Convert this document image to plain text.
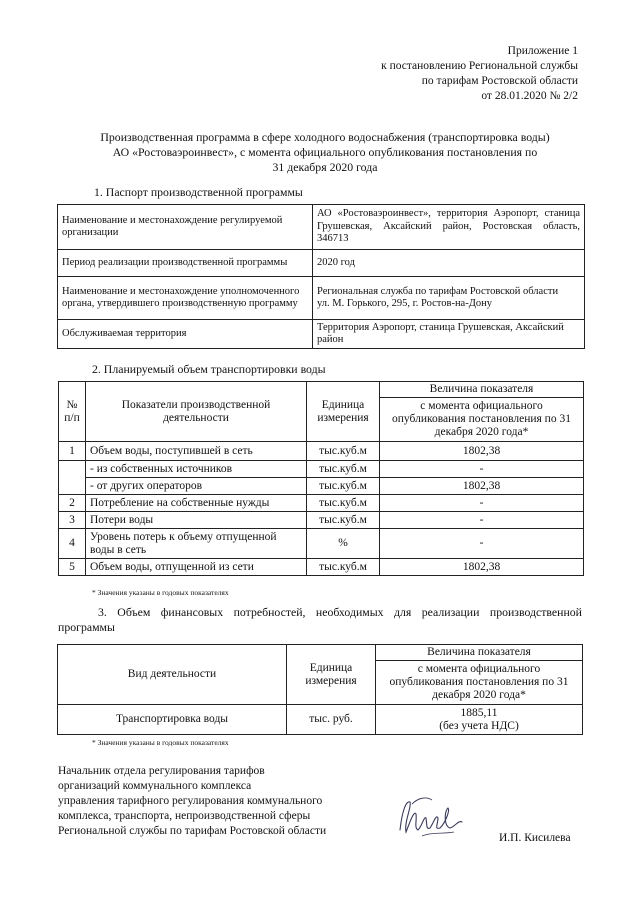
Приложение 1
к постановлению Региональной службы
по тарифам Ростовской области
от 28.01.2020 № 2/2
Производственная программа в сфере холодного водоснабжения (транспортировка воды)
АО «Ростоваэроинвест», с момента официального опубликования постановления по
31 декабря 2020 года
1. Паспорт производственной программы
Наименование и местонахождение регулируемой организации	АО «Ростоваэроинвест», территория Аэропорт, станица Грушевская, Аксайский район, Ростовская область, 346713
Период реализации производственной программы	2020 год
Наименование и местонахождение уполномоченного органа, утвердившего производственную программу	Региональная служба по тарифам Ростовской области
ул. М. Горького, 295, г. Ростов-на-Дону

Обслуживаемая территория	Территория Аэропорт, станица Грушевская, Аксайский район
2. Планируемый объем транспортировки воды
№ п/п	Показатели производственной деятельности	Единица измерения	Величина показателя
			с момента официального опубликования постановления по 31 декабря 2020 года*
1	Объем воды, поступившей в сеть	тыс.куб.м	1802,38
	- из собственных источников	тыс.куб.м	-
	- от других операторов	тыс.куб.м	1802,38
2	Потребление на собственные нужды	тыс.куб.м	-
3	Потери воды	тыс.куб.м	-
4	Уровень потерь к объему отпущенной воды в сеть	%	-
5	Объем воды, отпущенной из сети	тыс.куб.м	1802,38
* Значения указаны в годовых показателях
3. Объем финансовых потребностей, необходимых для реализации производственной программы
Вид деятельности	Единица измерения	Величина показателя
		с момента официального опубликования постановления по 31 декабря 2020 года*
Транспортировка воды	тыс. руб.	1885,11
(без учета НДС)
* Значения указаны в годовых показателях
Начальник отдела регулирования тарифов
организаций коммунального комплекса
управления тарифного регулирования коммунального
комплекса, транспорта, непроизводственной сферы
Региональной службы по тарифам Ростовской области
И.П. Кисилева
